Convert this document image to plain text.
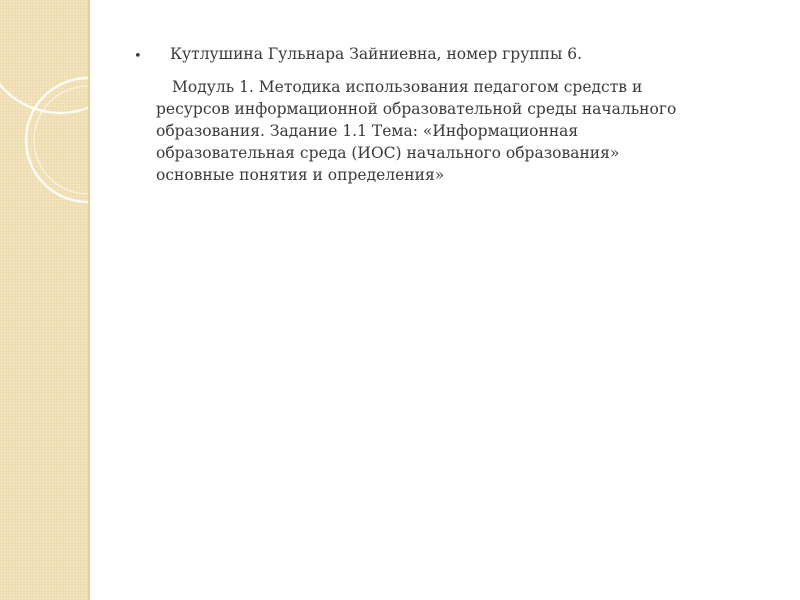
• Кутлушина Гульнара Зайниевна, номер группы 6.

Модуль 1. Методика использования педагогом средств и ресурсов информационной образовательной среды начального образования. Задание 1.1 Тема: «Информационная образовательная среда (ИОС) начального образования» основные понятия и определения»
